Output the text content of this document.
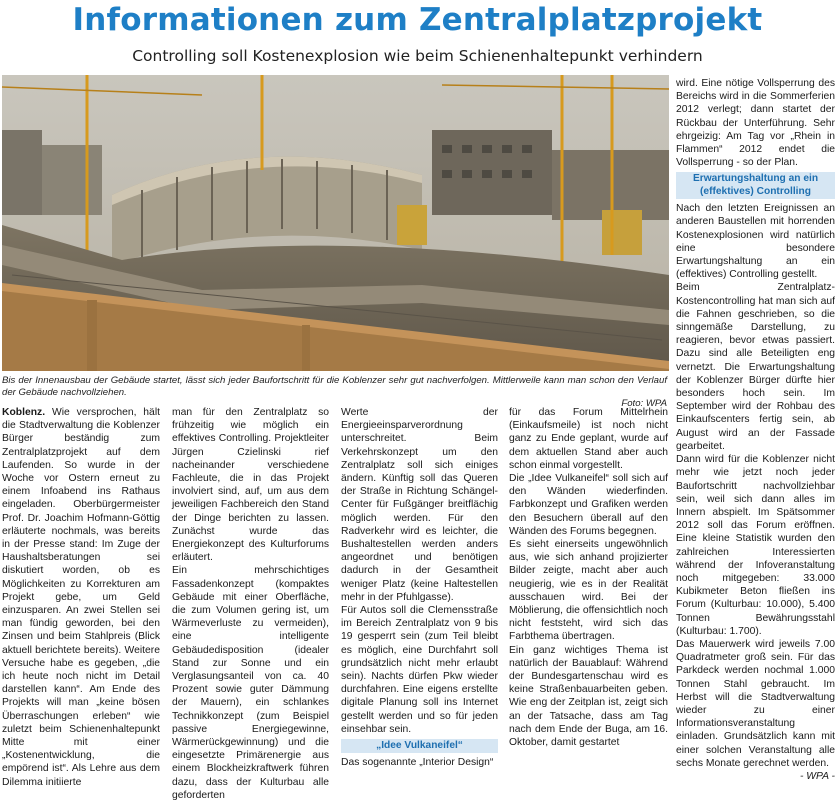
Informationen zum Zentralplatzprojekt
Controlling soll Kostenexplosion wie beim Schienenhaltepunkt verhindern
Bis der Innenausbau der Gebäude startet, lässt sich jeder Baufortschritt für die Koblenzer sehr gut nachverfolgen. Mittlerweile kann man schon den Verlauf der Gebäude nachvollziehen.
Foto: WPA

Koblenz. Wie versprochen, hält die Stadtverwaltung die Koblenzer Bürger beständig zum Zentralplatzprojekt auf dem Laufenden. So wurde in der Woche vor Ostern erneut zu einem Infoabend ins Rathaus eingeladen. Oberbürgermeister Prof. Dr. Joachim Hofmann-Göttig erläuterte nochmals, was bereits in der Presse stand: Im Zuge der Haushaltsberatungen sei diskutiert worden, ob es Möglichkeiten zu Korrekturen am Projekt gebe, um Geld einzusparen. An zwei Stellen sei man fündig geworden, bei den Zinsen und beim Stahlpreis (Blick aktuell berichtete bereits). Weitere Versuche habe es gegeben, „die ich heute noch nicht im Detail darstellen kann“. Am Ende des Projekts will man „keine bösen Überraschungen erleben“ wie zuletzt beim Schienenhaltepunkt Mitte mit einer „Kostenentwicklung, die empörend ist“. Als Lehre aus dem Dilemma initiierte

man für den Zentralplatz so frühzeitig wie möglich ein effektives Controlling. Projektleiter Jürgen Czielinski rief nacheinander verschiedene Fachleute, die in das Projekt involviert sind, auf, um aus dem jeweiligen Fachbereich den Stand der Dinge berichten zu lassen. Zunächst wurde das Energiekonzept des Kulturforums erläutert.

Ein mehrschichtiges Fassadenkonzept (kompaktes Gebäude mit einer Oberfläche, die zum Volumen gering ist, um Wärmeverluste zu vermeiden), eine intelligente Gebäudedisposition (idealer Stand zur Sonne und ein Verglasungsanteil von ca. 40 Prozent sowie guter Dämmung der Mauern), ein schlankes Technikkonzept (zum Beispiel passive Energiegewinne, Wärmerückgewinnung) und die eingesetzte Primärenergie aus einem Blockheizkraftwerk führen dazu, dass der Kulturbau alle geforderten

Werte der Energieeinsparverordnung unterschreitet. Beim Verkehrskonzept um den Zentralplatz soll sich einiges ändern. Künftig soll das Queren der Straße in Richtung Schängel-Center für Fußgänger breitflächig möglich werden. Für den Radverkehr wird es leichter, die Bushaltestellen werden anders angeordnet und benötigen dadurch in der Gesamtheit weniger Platz (keine Haltestellen mehr in der Pfuhlgasse).

Für Autos soll die Clemensstraße im Bereich Zentralplatz von 9 bis 19 gesperrt sein (zum Teil bleibt es möglich, eine Durchfahrt soll grundsätzlich nicht mehr erlaubt sein). Nachts dürfen Pkw wieder durchfahren. Eine eigens erstellte digitale Planung soll ins Internet gestellt werden und so für jeden einsehbar sein.

„Idee Vulkaneifel“

Das sogenannte „Interior Design“

für das Forum Mittelrhein (Einkaufsmeile) ist noch nicht ganz zu Ende geplant, wurde auf dem aktuellen Stand aber auch schon einmal vorgestellt.

Die „Idee Vulkaneifel“ soll sich auf den Wänden wiederfinden. Farbkonzept und Grafiken werden den Besuchern überall auf den Wänden des Forums begegnen.

Es sieht einerseits ungewöhnlich aus, wie sich anhand projizierter Bilder zeigte, macht aber auch neugierig, wie es in der Realität ausschauen wird. Bei der Möblierung, die offensichtlich noch nicht feststeht, wird sich das Farbthema übertragen.

Ein ganz wichtiges Thema ist natürlich der Bauablauf: Während der Bundesgartenschau wird es keine Straßenbauarbeiten geben. Wie eng der Zeitplan ist, zeigt sich an der Tatsache, dass am Tag nach dem Ende der Buga, am 16. Oktober, damit gestartet

wird. Eine nötige Vollsperrung des Bereichs wird in die Sommerferien 2012 verlegt; dann startet der Rückbau der Unterführung. Sehr ehrgeizig: Am Tag vor „Rhein in Flammen“ 2012 endet die Vollsperrung - so der Plan.

Erwartungshaltung an ein (effektives) Controlling

Nach den letzten Ereignissen an anderen Baustellen mit horrenden Kostenexplosionen wird natürlich eine besondere Erwartungshaltung an ein (effektives) Controlling gestellt.

Beim Zentralplatz-Kostencontrolling hat man sich auf die Fahnen geschrieben, so die sinngemäße Darstellung, zu reagieren, bevor etwas passiert. Dazu sind alle Beteiligten eng vernetzt. Die Erwartungshaltung der Koblenzer Bürger dürfte hier besonders hoch sein. Im September wird der Rohbau des Einkaufscenters fertig sein, ab August wird an der Fassade gearbeitet.

Dann wird für die Koblenzer nicht mehr wie jetzt noch jeder Baufortschritt nachvollziehbar sein, weil sich dann alles im Innern abspielt. Im Spätsommer 2012 soll das Forum eröffnen. Eine kleine Statistik wurden den zahlreichen Interessierten während der Infoveranstaltung noch mitgegeben: 33.000 Kubikmeter Beton fließen ins Forum (Kulturbau: 10.000), 5.400 Tonnen Bewährungsstahl (Kulturbau: 1.700).

Das Mauerwerk wird jeweils 7.00 Quadratmeter groß sein. Für das Parkdeck werden nochmal 1.000 Tonnen Stahl gebraucht. Im Herbst will die Stadtverwaltung wieder zu einer Informationsveranstaltung einladen. Grundsätzlich kann mit einer solchen Veranstaltung alle sechs Monate gerechnet werden.

- WPA -
